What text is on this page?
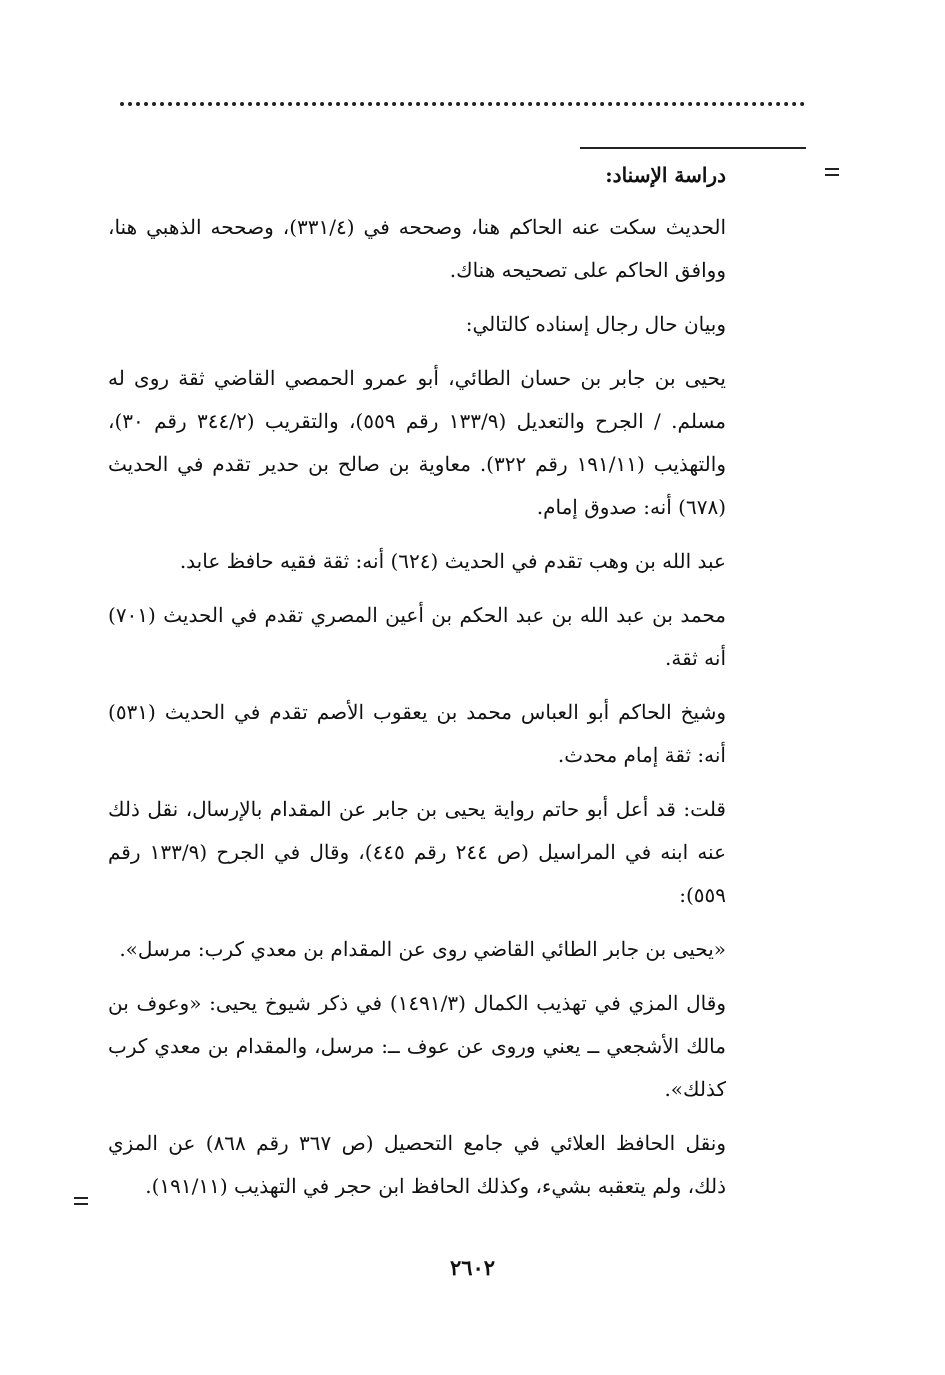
دراسة الإسناد:

الحديث سكت عنه الحاكم هنا، وصححه في (٣٣١/٤)، وصححه الذهبي هنا، ووافق الحاكم على تصحيحه هناك.

وبيان حال رجال إسناده كالتالي:

يحيى بن جابر بن حسان الطائي، أبو عمرو الحمصي القاضي ثقة روى له مسلم. / الجرح والتعديل (١٣٣/٩ رقم ٥٥٩)، والتقريب (٣٤٤/٢ رقم ٣٠)، والتهذيب (١٩١/١١ رقم ٣٢٢). معاوية بن صالح بن حدير تقدم في الحديث (٦٧٨) أنه: صدوق إمام.

عبد الله بن وهب تقدم في الحديث (٦٢٤) أنه: ثقة فقيه حافظ عابد.

محمد بن عبد الله بن عبد الحكم بن أعين المصري تقدم في الحديث (٧٠١) أنه ثقة.

وشيخ الحاكم أبو العباس محمد بن يعقوب الأصم تقدم في الحديث (٥٣١) أنه: ثقة إمام محدث.

قلت: قد أعل أبو حاتم رواية يحيى بن جابر عن المقدام بالإرسال، نقل ذلك عنه ابنه في المراسيل (ص ٢٤٤ رقم ٤٤٥)، وقال في الجرح (١٣٣/٩ رقم ٥٥٩):

«يحيى بن جابر الطائي القاضي روى عن المقدام بن معدي كرب: مرسل».

وقال المزي في تهذيب الكمال (١٤٩١/٣) في ذكر شيوخ يحيى: «وعوف بن مالك الأشجعي ــ يعني وروى عن عوف ــ: مرسل، والمقدام بن معدي كرب كذلك».

ونقل الحافظ العلائي في جامع التحصيل (ص ٣٦٧ رقم ٨٦٨) عن المزي ذلك، ولم يتعقبه بشيء، وكذلك الحافظ ابن حجر في التهذيب (١٩١/١١).

٢٦٠٢
